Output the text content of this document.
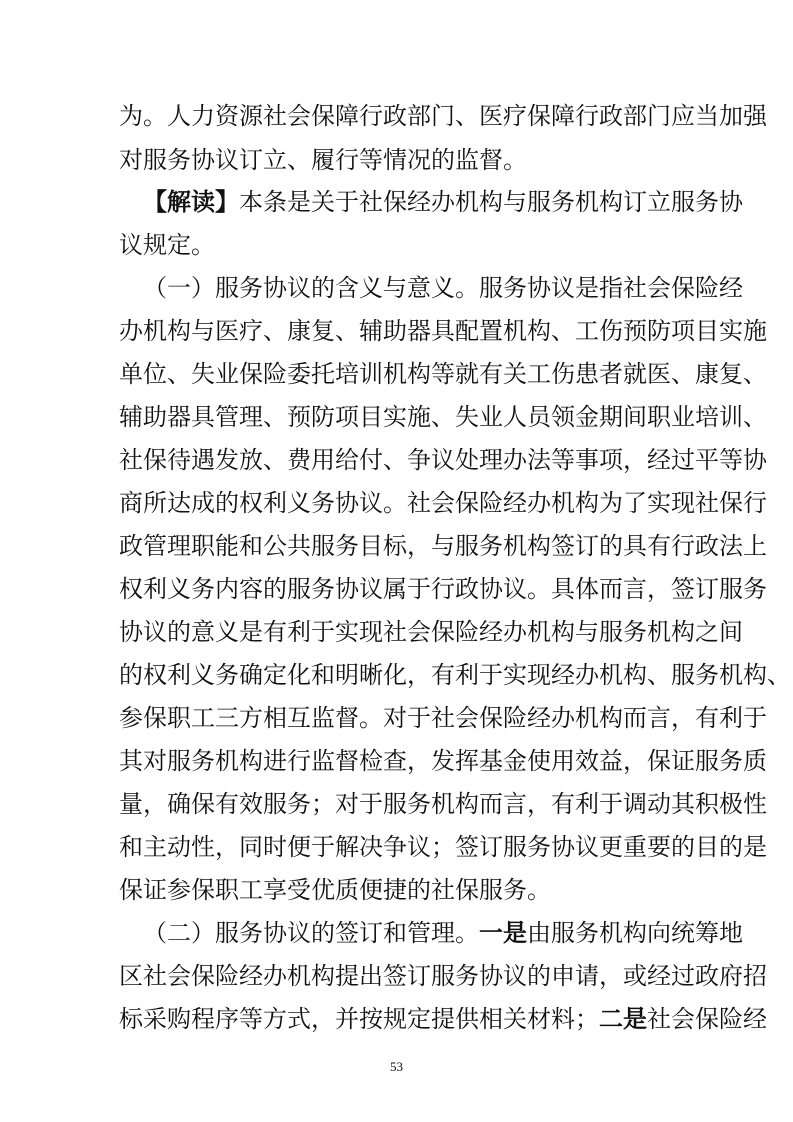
为。人力资源社会保障行政部门、医疗保障行政部门应当加强
对服务协议订立、履行等情况的监督。
【解读】本条是关于社保经办机构与服务机构订立服务协
议规定。
（一）服务协议的含义与意义。服务协议是指社会保险经
办机构与医疗、康复、辅助器具配置机构、工伤预防项目实施
单位、失业保险委托培训机构等就有关工伤患者就医、康复、
辅助器具管理、预防项目实施、失业人员领金期间职业培训、
社保待遇发放、费用给付、争议处理办法等事项，经过平等协
商所达成的权利义务协议。社会保险经办机构为了实现社保行
政管理职能和公共服务目标，与服务机构签订的具有行政法上
权利义务内容的服务协议属于行政协议。具体而言，签订服务
协议的意义是有利于实现社会保险经办机构与服务机构之间
的权利义务确定化和明晰化，有利于实现经办机构、服务机构、
参保职工三方相互监督。对于社会保险经办机构而言，有利于
其对服务机构进行监督检查，发挥基金使用效益，保证服务质
量，确保有效服务；对于服务机构而言，有利于调动其积极性
和主动性，同时便于解决争议；签订服务协议更重要的目的是
保证参保职工享受优质便捷的社保服务。
（二）服务协议的签订和管理。一是由服务机构向统筹地
区社会保险经办机构提出签订服务协议的申请，或经过政府招
标采购程序等方式，并按规定提供相关材料；二是社会保险经
53
